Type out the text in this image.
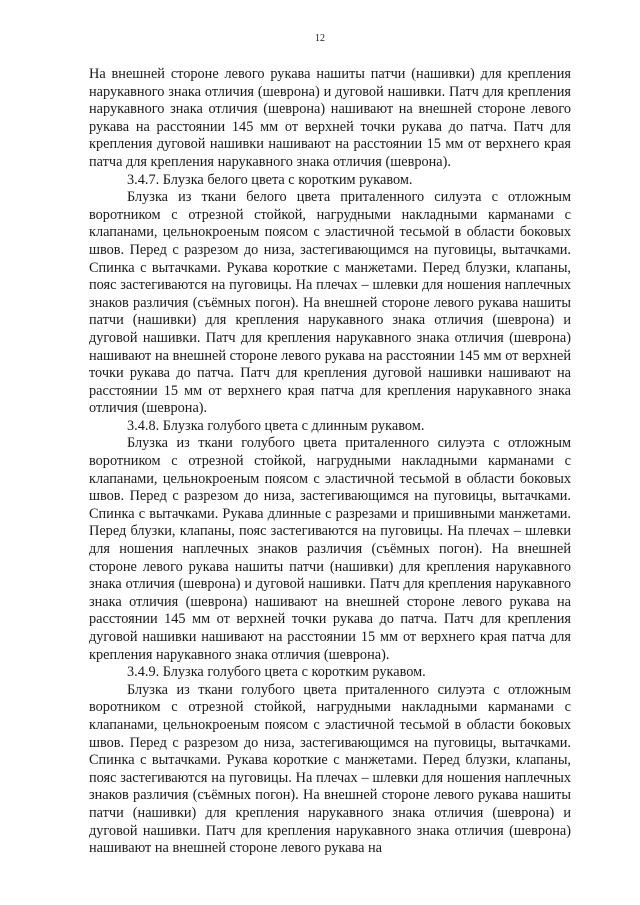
12

На внешней стороне левого рукава нашиты патчи (нашивки) для крепления нарукавного знака отличия (шеврона) и дуговой нашивки. Патч для крепления нарукавного знака отличия (шеврона) нашивают на внешней стороне левого рукава на расстоянии 145 мм от верхней точки рукава до патча. Патч для крепления дуговой нашивки нашивают на расстоянии 15 мм от верхнего края патча для крепления нарукавного знака отличия (шеврона).

3.4.7. Блузка белого цвета с коротким рукавом.

Блузка из ткани белого цвета приталенного силуэта с отложным воротником с отрезной стойкой, нагрудными накладными карманами с клапанами, цельнокроеным поясом с эластичной тесьмой в области боковых швов. Перед с разрезом до низа, застегивающимся на пуговицы, вытачками. Спинка с вытачками. Рукава короткие с манжетами. Перед блузки, клапаны, пояс застегиваются на пуговицы. На плечах – шлевки для ношения наплечных знаков различия (съёмных погон). На внешней стороне левого рукава нашиты патчи (нашивки) для крепления нарукавного знака отличия (шеврона) и дуговой нашивки. Патч для крепления нарукавного знака отличия (шеврона) нашивают на внешней стороне левого рукава на расстоянии 145 мм от верхней точки рукава до патча. Патч для крепления дуговой нашивки нашивают на расстоянии 15 мм от верхнего края патча для крепления нарукавного знака отличия (шеврона).

3.4.8. Блузка голубого цвета с длинным рукавом.

Блузка из ткани голубого цвета приталенного силуэта с отложным воротником с отрезной стойкой, нагрудными накладными карманами с клапанами, цельнокроеным поясом с эластичной тесьмой в области боковых швов. Перед с разрезом до низа, застегивающимся на пуговицы, вытачками. Спинка с вытачками. Рукава длинные с разрезами и пришивными манжетами. Перед блузки, клапаны, пояс застегиваются на пуговицы. На плечах – шлевки для ношения наплечных знаков различия (съёмных погон). На внешней стороне левого рукава нашиты патчи (нашивки) для крепления нарукавного знака отличия (шеврона) и дуговой нашивки. Патч для крепления нарукавного знака отличия (шеврона) нашивают на внешней стороне левого рукава на расстоянии 145 мм от верхней точки рукава до патча. Патч для крепления дуговой нашивки нашивают на расстоянии 15 мм от верхнего края патча для крепления нарукавного знака отличия (шеврона).

3.4.9. Блузка голубого цвета с коротким рукавом.

Блузка из ткани голубого цвета приталенного силуэта с отложным воротником с отрезной стойкой, нагрудными накладными карманами с клапанами, цельнокроеным поясом с эластичной тесьмой в области боковых швов. Перед с разрезом до низа, застегивающимся на пуговицы, вытачками. Спинка с вытачками. Рукава короткие с манжетами. Перед блузки, клапаны, пояс застегиваются на пуговицы. На плечах – шлевки для ношения наплечных знаков различия (съёмных погон). На внешней стороне левого рукава нашиты патчи (нашивки) для крепления нарукавного знака отличия (шеврона) и дуговой нашивки. Патч для крепления нарукавного знака отличия (шеврона) нашивают на внешней стороне левого рукава на
